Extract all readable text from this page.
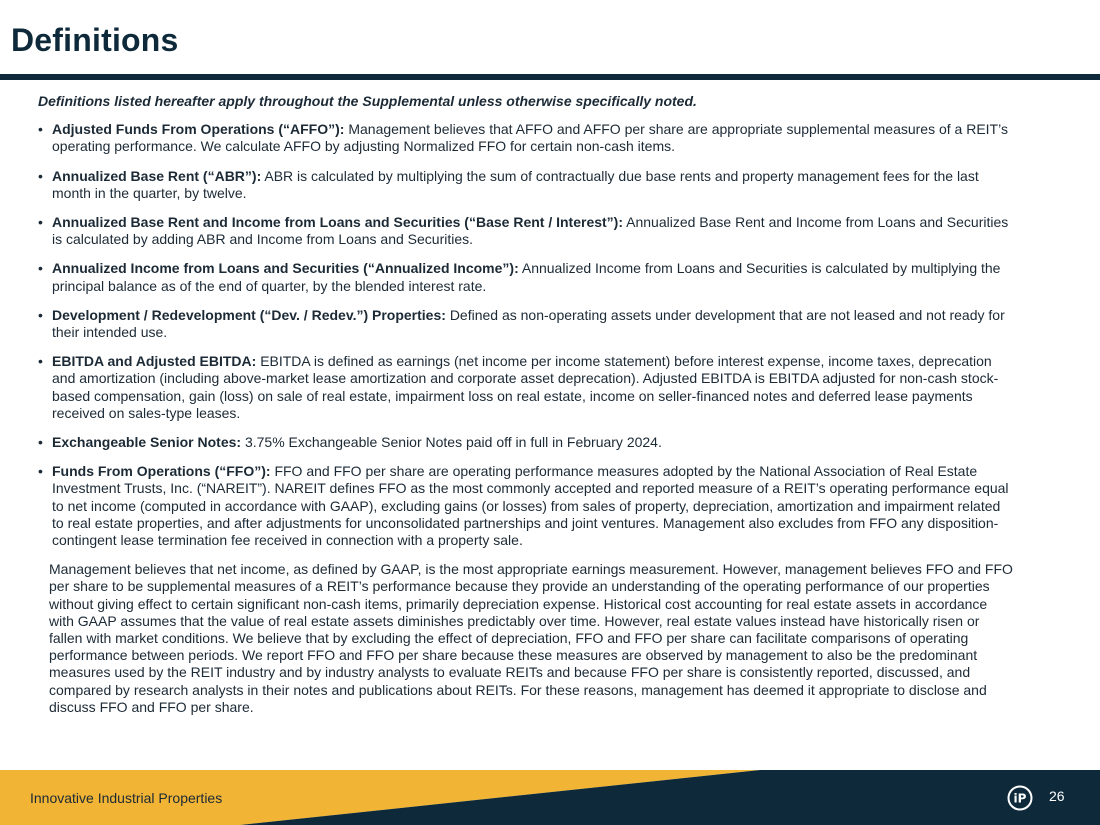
Definitions

Definitions listed hereafter apply throughout the Supplemental unless otherwise specifically noted.

• Adjusted Funds From Operations (“AFFO”): Management believes that AFFO and AFFO per share are appropriate supplemental measures of a REIT’s operating performance. We calculate AFFO by adjusting Normalized FFO for certain non-cash items.
• Annualized Base Rent (“ABR”): ABR is calculated by multiplying the sum of contractually due base rents and property management fees for the last month in the quarter, by twelve.
• Annualized Base Rent and Income from Loans and Securities (“Base Rent / Interest”): Annualized Base Rent and Income from Loans and Securities is calculated by adding ABR and Income from Loans and Securities.
• Annualized Income from Loans and Securities (“Annualized Income”): Annualized Income from Loans and Securities is calculated by multiplying the principal balance as of the end of quarter, by the blended interest rate.
• Development / Redevelopment (“Dev. / Redev.”) Properties: Defined as non-operating assets under development that are not leased and not ready for their intended use.
• EBITDA and Adjusted EBITDA: EBITDA is defined as earnings (net income per income statement) before interest expense, income taxes, deprecation and amortization (including above-market lease amortization and corporate asset deprecation). Adjusted EBITDA is EBITDA adjusted for non-cash stock-based compensation, gain (loss) on sale of real estate, impairment loss on real estate, income on seller-financed notes and deferred lease payments received on sales-type leases.
• Exchangeable Senior Notes: 3.75% Exchangeable Senior Notes paid off in full in February 2024.
• Funds From Operations (“FFO”): FFO and FFO per share are operating performance measures adopted by the National Association of Real Estate Investment Trusts, Inc. (“NAREIT”). NAREIT defines FFO as the most commonly accepted and reported measure of a REIT’s operating performance equal to net income (computed in accordance with GAAP), excluding gains (or losses) from sales of property, depreciation, amortization and impairment related to real estate properties, and after adjustments for unconsolidated partnerships and joint ventures. Management also excludes from FFO any disposition-contingent lease termination fee received in connection with a property sale.

Management believes that net income, as defined by GAAP, is the most appropriate earnings measurement. However, management believes FFO and FFO per share to be supplemental measures of a REIT’s performance because they provide an understanding of the operating performance of our properties without giving effect to certain significant non-cash items, primarily depreciation expense. Historical cost accounting for real estate assets in accordance with GAAP assumes that the value of real estate assets diminishes predictably over time. However, real estate values instead have historically risen or fallen with market conditions. We believe that by excluding the effect of depreciation, FFO and FFO per share can facilitate comparisons of operating performance between periods. We report FFO and FFO per share because these measures are observed by management to also be the predominant measures used by the REIT industry and by industry analysts to evaluate REITs and because FFO per share is consistently reported, discussed, and compared by research analysts in their notes and publications about REITs. For these reasons, management has deemed it appropriate to disclose and discuss FFO and FFO per share.

Innovative Industrial Properties	iP 26
